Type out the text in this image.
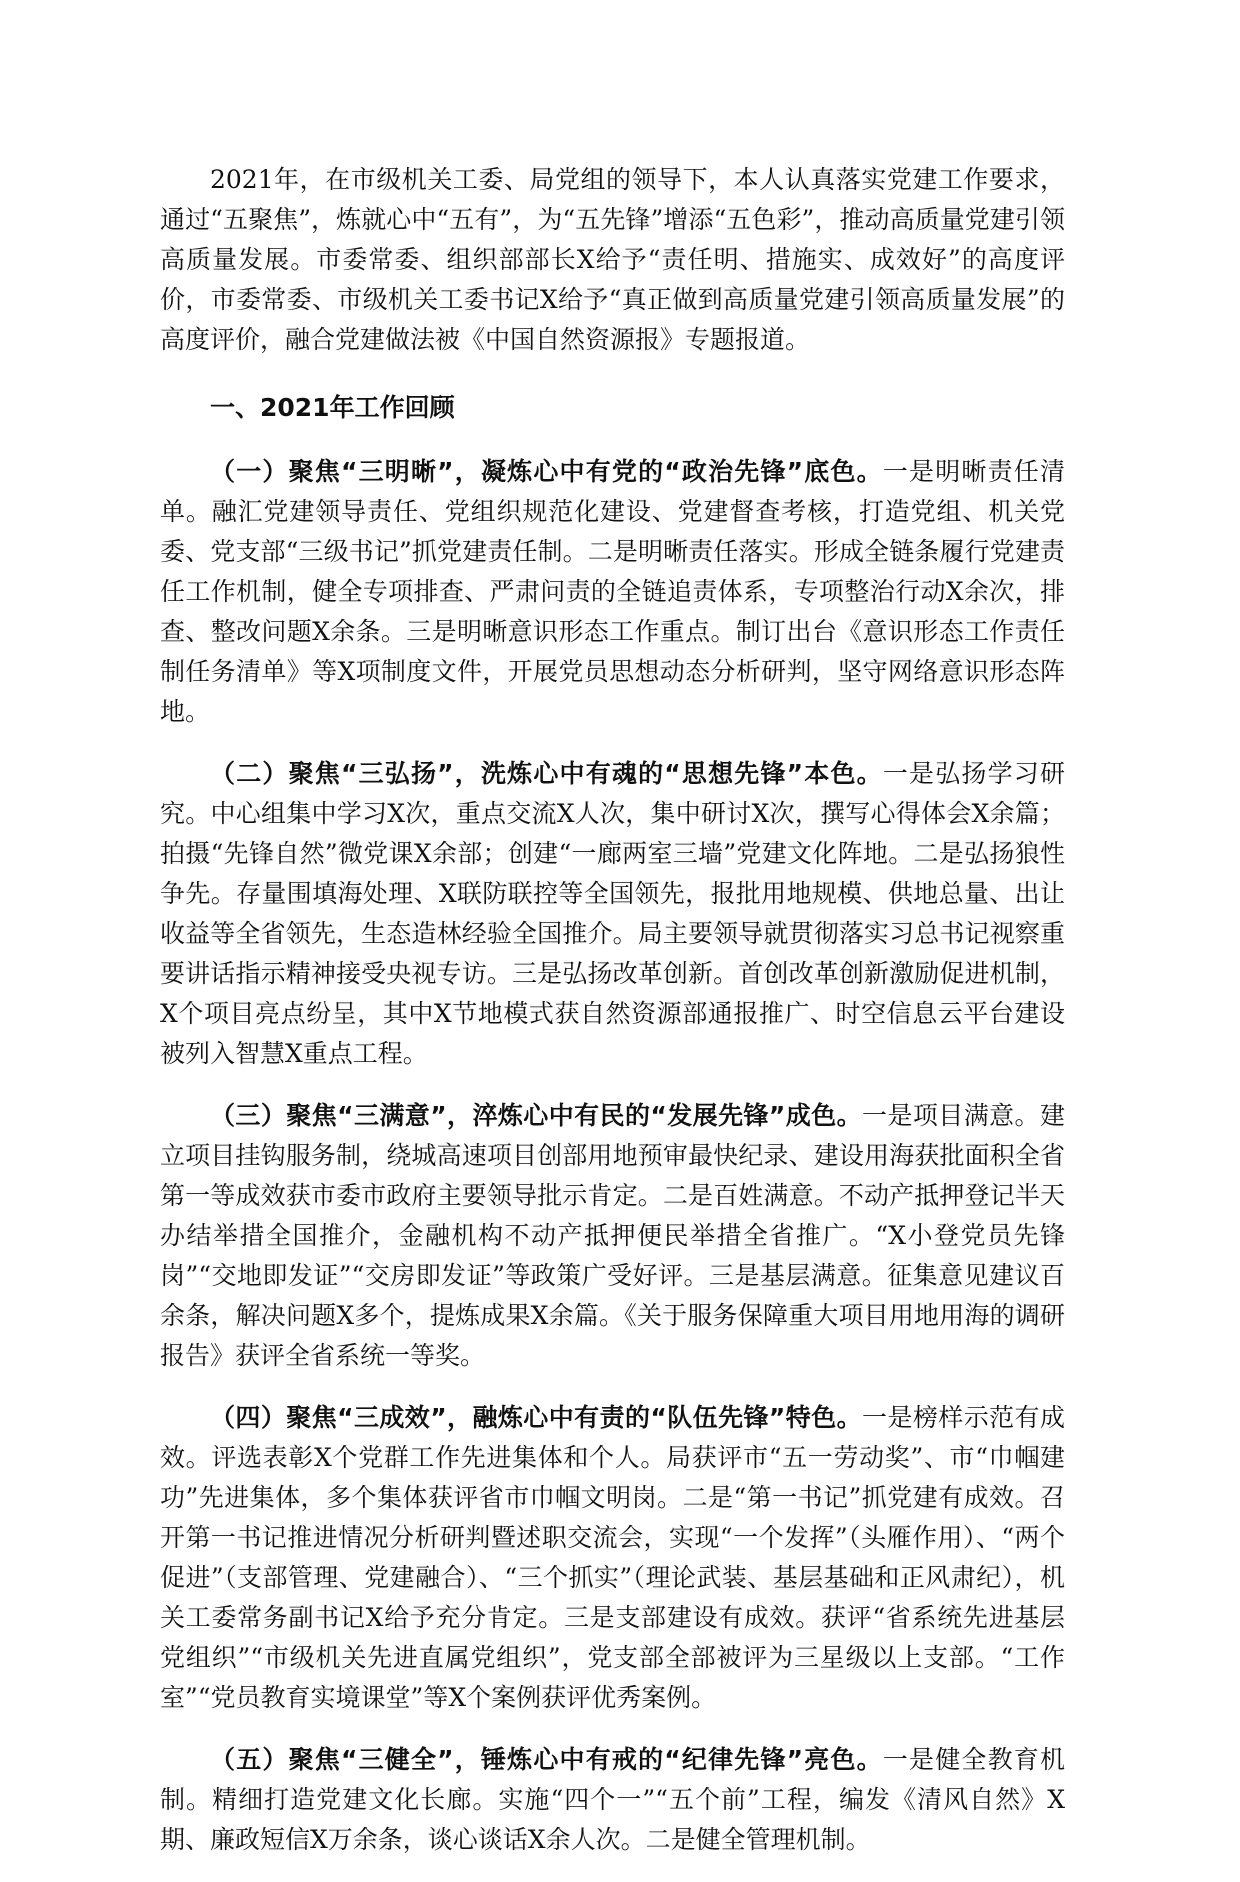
2021年，在市级机关工委、局党组的领导下，本人认真落实党建工作要求，通过“五聚焦”，炼就心中“五有”，为“五先锋”增添“五色彩”，推动高质量党建引领高质量发展。市委常委、组织部部长X给予“责任明、措施实、成效好”的高度评价，市委常委、市级机关工委书记X给予“真正做到高质量党建引领高质量发展”的高度评价，融合党建做法被《中国自然资源报》专题报道。

一、2021年工作回顾

（一）聚焦“三明晰”，凝炼心中有党的“政治先锋”底色。一是明晰责任清单。融汇党建领导责任、党组织规范化建设、党建督查考核，打造党组、机关党委、党支部“三级书记”抓党建责任制。二是明晰责任落实。形成全链条履行党建责任工作机制，健全专项排查、严肃问责的全链追责体系，专项整治行动X余次，排查、整改问题X余条。三是明晰意识形态工作重点。制订出台《意识形态工作责任制任务清单》等X项制度文件，开展党员思想动态分析研判，坚守网络意识形态阵地。

（二）聚焦“三弘扬”，洗炼心中有魂的“思想先锋”本色。一是弘扬学习研究。中心组集中学习X次，重点交流X人次，集中研讨X次，撰写心得体会X余篇；拍摄“先锋自然”微党课X余部；创建“一廊两室三墙”党建文化阵地。二是弘扬狼性争先。存量围填海处理、X联防联控等全国领先，报批用地规模、供地总量、出让收益等全省领先，生态造林经验全国推介。局主要领导就贯彻落实习总书记视察重要讲话指示精神接受央视专访。三是弘扬改革创新。首创改革创新激励促进机制，X个项目亮点纷呈，其中X节地模式获自然资源部通报推广、时空信息云平台建设被列入智慧X重点工程。

（三）聚焦“三满意”，淬炼心中有民的“发展先锋”成色。一是项目满意。建立项目挂钩服务制，绕城高速项目创部用地预审最快纪录、建设用海获批面积全省第一等成效获市委市政府主要领导批示肯定。二是百姓满意。不动产抵押登记半天办结举措全国推介，金融机构不动产抵押便民举措全省推广。“X小登党员先锋岗”“交地即发证”“交房即发证”等政策广受好评。三是基层满意。征集意见建议百余条，解决问题X多个，提炼成果X余篇。《关于服务保障重大项目用地用海的调研报告》获评全省系统一等奖。

（四）聚焦“三成效”，融炼心中有责的“队伍先锋”特色。一是榜样示范有成效。评选表彰X个党群工作先进集体和个人。局获评市“五一劳动奖”、市“巾帼建功”先进集体，多个集体获评省市巾帼文明岗。二是“第一书记”抓党建有成效。召开第一书记推进情况分析研判暨述职交流会，实现“一个发挥”（头雁作用）、“两个促进”（支部管理、党建融合）、“三个抓实”（理论武装、基层基础和正风肃纪），机关工委常务副书记X给予充分肯定。三是支部建设有成效。获评“省系统先进基层党组织”“市级机关先进直属党组织”，党支部全部被评为三星级以上支部。“工作室”“党员教育实境课堂”等X个案例获评优秀案例。

（五）聚焦“三健全”，锤炼心中有戒的“纪律先锋”亮色。一是健全教育机制。精细打造党建文化长廊。实施“四个一”“五个前”工程，编发《清风自然》X期、廉政短信X万余条，谈心谈话X余人次。二是健全管理机制。
